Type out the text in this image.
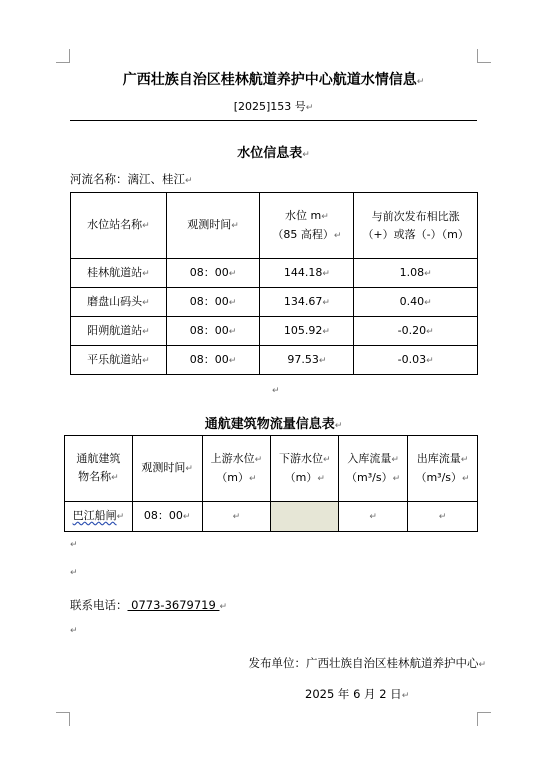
广西壮族自治区桂林航道养护中心航道水情信息↵
[2025]153 号↵
水位信息表↵
河流名称：漓江、桂江↵
水位站名称↵	观测时间↵	水位 m↵
（85 高程）↵	与前次发布相比涨
（+）或落（-）（m）
桂林航道站↵	08：00↵	144.18↵	1.08↵
磨盘山码头↵	08：00↵	134.67↵	0.40↵
阳朔航道站↵	08：00↵	105.92↵	-0.20↵
平乐航道站↵	08：00↵	97.53↵	-0.03↵
↵
通航建筑物流量信息表↵
通航建筑
物名称↵	观测时间↵	上游水位↵
（m）↵	下游水位↵
（m）↵	入库流量↵
（m³/s）↵	出库流量↵
（m³/s）↵
巴江船闸↵	08：00↵	↵		↵	↵
↵
↵
联系电话： 0773-3679719 ↵
↵
发布单位：广西壮族自治区桂林航道养护中心↵
2025 年 6 月 2 日↵
